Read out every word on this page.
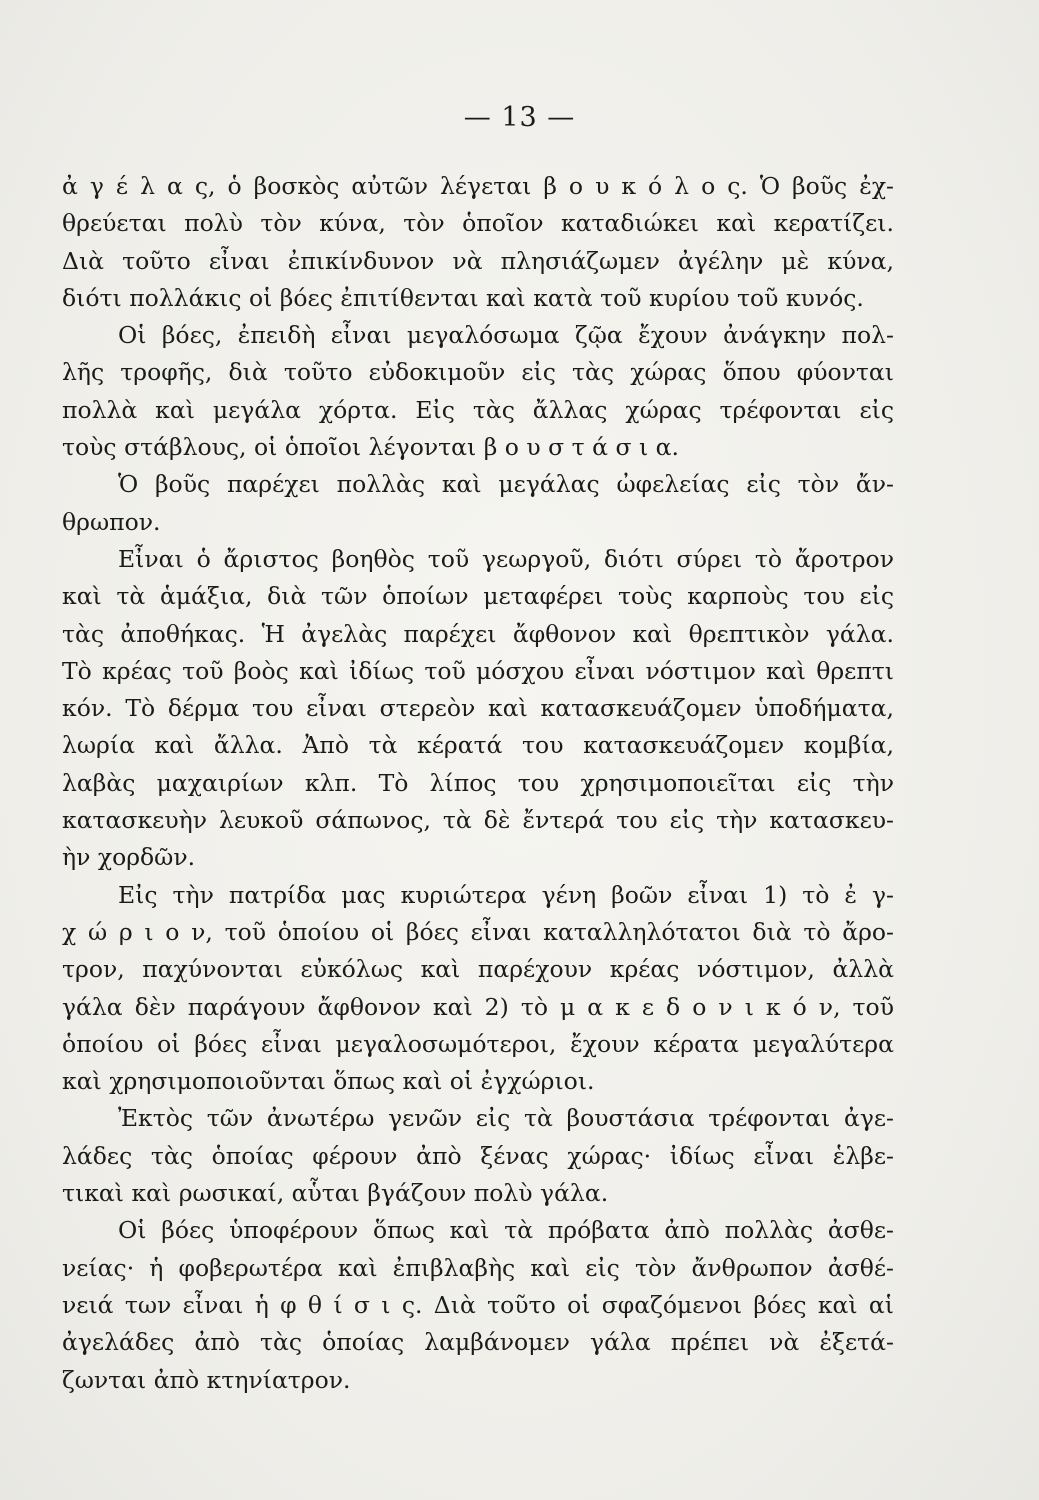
— 13 —
ἀ γ έ λ α ς, ὁ βοσκὸς αὐτῶν λέγεται β ο υ κ ό λ ο ς. Ὁ βοῦς ἐχ-
θρεύεται πολὺ τὸν κύνα, τὸν ὁποῖον καταδιώκει καὶ κερατίζει.
Διὰ τοῦτο εἶναι ἐπικίνδυνον νὰ πλησιάζωμεν ἀγέλην μὲ κύνα,
διότι πολλάκις οἱ βόες ἐπιτίθενται καὶ κατὰ τοῦ κυρίου τοῦ κυνός.
Οἱ βόες, ἐπειδὴ εἶναι μεγαλόσωμα ζῷα ἔχουν ἀνάγκην πολ-
λῆς τροφῆς, διὰ τοῦτο εὐδοκιμοῦν εἰς τὰς χώρας ὅπου φύονται
πολλὰ καὶ μεγάλα χόρτα. Εἰς τὰς ἄλλας χώρας τρέφονται εἰς
τοὺς στάβλους, οἱ ὁποῖοι λέγονται β ο υ σ τ ά σ ι α.
Ὁ βοῦς παρέχει πολλὰς καὶ μεγάλας ὠφελείας εἰς τὸν ἄν-
θρωπον.
Εἶναι ὁ ἄριστος βοηθὸς τοῦ γεωργοῦ, διότι σύρει τὸ ἄροτρον
καὶ τὰ ἁμάξια, διὰ τῶν ὁποίων μεταφέρει τοὺς καρποὺς του εἰς
τὰς ἀποθήκας. Ἡ ἀγελὰς παρέχει ἄφθονον καὶ θρεπτικὸν γάλα.
Τὸ κρέας τοῦ βοὸς καὶ ἰδίως τοῦ μόσχου εἶναι νόστιμον καὶ θρεπτι
κόν. Τὸ δέρμα του εἶναι στερεὸν καὶ κατασκευάζομεν ὑποδήματα,
λωρία καὶ ἄλλα. Ἀπὸ τὰ κέρατά του κατασκευάζομεν κομβία,
λαβὰς μαχαιρίων κλπ. Τὸ λίπος του χρησιμοποιεῖται εἰς τὴν
κατασκευὴν λευκοῦ σάπωνος, τὰ δὲ ἔντερά του εἰς τὴν κατασκευ-
ὴν χορδῶν.
Εἰς τὴν πατρίδα μας κυριώτερα γένη βοῶν εἶναι 1) τὸ ἐ γ-
χ ώ ρ ι ο ν, τοῦ ὁποίου οἱ βόες εἶναι καταλληλότατοι διὰ τὸ ἄρο-
τρον, παχύνονται εὐκόλως καὶ παρέχουν κρέας νόστιμον, ἀλλὰ
γάλα δὲν παράγουν ἄφθονον καὶ 2) τὸ μ α κ ε δ ο ν ι κ ό ν, τοῦ
ὁποίου οἱ βόες εἶναι μεγαλοσωμότεροι, ἔχουν κέρατα μεγαλύτερα
καὶ χρησιμοποιοῦνται ὅπως καὶ οἱ ἐγχώριοι.
Ἐκτὸς τῶν ἀνωτέρω γενῶν εἰς τὰ βουστάσια τρέφονται ἀγε-
λάδες τὰς ὁποίας φέρουν ἀπὸ ξένας χώρας· ἰδίως εἶναι ἑλβε-
τικαὶ καὶ ρωσικαί, αὗται βγάζουν πολὺ γάλα.
Οἱ βόες ὑποφέρουν ὅπως καὶ τὰ πρόβατα ἀπὸ πολλὰς ἀσθε-
νείας· ἡ φοβερωτέρα καὶ ἐπιβλαβὴς καὶ εἰς τὸν ἄνθρωπον ἀσθέ-
νειά των εἶναι ἡ φ θ ί σ ι ς. Διὰ τοῦτο οἱ σφαζόμενοι βόες καὶ αἱ
ἀγελάδες ἀπὸ τὰς ὁποίας λαμβάνομεν γάλα πρέπει νὰ ἐξετά-
ζωνται ἀπὸ κτηνίατρον.
